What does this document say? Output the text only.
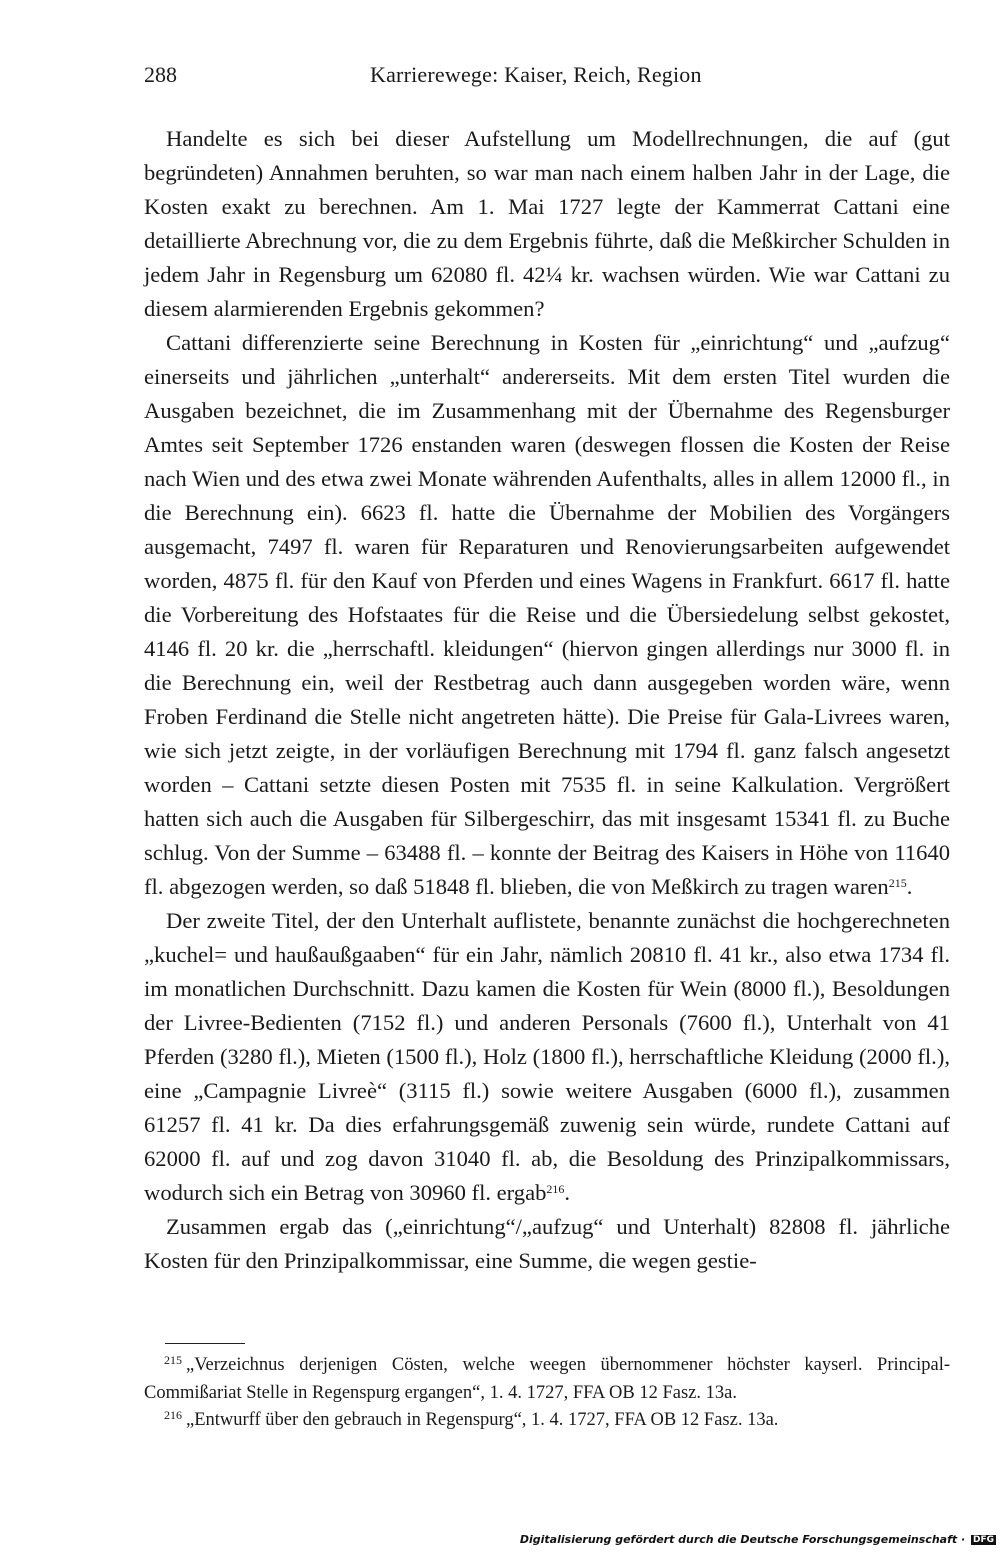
288	Karrierewege: Kaiser, Reich, Region

Handelte es sich bei dieser Aufstellung um Modellrechnungen, die auf (gut begründeten) Annahmen beruhten, so war man nach einem halben Jahr in der Lage, die Kosten exakt zu berechnen. Am 1. Mai 1727 legte der Kammerrat Cattani eine detaillierte Abrechnung vor, die zu dem Ergebnis führte, daß die Meßkircher Schulden in jedem Jahr in Regensburg um 62080 fl. 42¼ kr. wachsen würden. Wie war Cattani zu diesem alarmierenden Ergebnis gekommen?

Cattani differenzierte seine Berechnung in Kosten für „einrichtung“ und „aufzug“ einerseits und jährlichen „unterhalt“ andererseits. Mit dem ersten Titel wurden die Ausgaben bezeichnet, die im Zusammenhang mit der Übernahme des Regensburger Amtes seit September 1726 enstanden waren (deswegen flossen die Kosten der Reise nach Wien und des etwa zwei Monate währenden Aufenthalts, alles in allem 12000 fl., in die Berechnung ein). 6623 fl. hatte die Übernahme der Mobilien des Vorgängers ausgemacht, 7497 fl. waren für Reparaturen und Renovierungsarbeiten aufgewendet worden, 4875 fl. für den Kauf von Pferden und eines Wagens in Frankfurt. 6617 fl. hatte die Vorbereitung des Hofstaates für die Reise und die Übersiedelung selbst gekostet, 4146 fl. 20 kr. die „herrschaftl. kleidungen“ (hiervon gingen allerdings nur 3000 fl. in die Berechnung ein, weil der Restbetrag auch dann ausgegeben worden wäre, wenn Froben Ferdinand die Stelle nicht angetreten hätte). Die Preise für Gala-Livrees waren, wie sich jetzt zeigte, in der vorläufigen Berechnung mit 1794 fl. ganz falsch angesetzt worden – Cattani setzte diesen Posten mit 7535 fl. in seine Kalkulation. Vergrößert hatten sich auch die Ausgaben für Silbergeschirr, das mit insgesamt 15341 fl. zu Buche schlug. Von der Summe – 63488 fl. – konnte der Beitrag des Kaisers in Höhe von 11640 fl. abgezogen werden, so daß 51848 fl. blieben, die von Meßkirch zu tragen waren$^{215}$.

Der zweite Titel, der den Unterhalt auflistete, benannte zunächst die hochgerechneten „kuchel= und haußaußgaaben“ für ein Jahr, nämlich 20810 fl. 41 kr., also etwa 1734 fl. im monatlichen Durchschnitt. Dazu kamen die Kosten für Wein (8000 fl.), Besoldungen der Livree-Bedienten (7152 fl.) und anderen Personals (7600 fl.), Unterhalt von 41 Pferden (3280 fl.), Mieten (1500 fl.), Holz (1800 fl.), herrschaftliche Kleidung (2000 fl.), eine „Campagnie Livreè“ (3115 fl.) sowie weitere Ausgaben (6000 fl.), zusammen 61257 fl. 41 kr. Da dies erfahrungsgemäß zuwenig sein würde, rundete Cattani auf 62000 fl. auf und zog davon 31040 fl. ab, die Besoldung des Prinzipalkommissars, wodurch sich ein Betrag von 30960 fl. ergab$^{216}$.

Zusammen ergab das („einrichtung“/„aufzug“ und Unterhalt) 82808 fl. jährliche Kosten für den Prinzipalkommissar, eine Summe, die wegen gestie-

$^{215}$ „Verzeichnus derjenigen Cösten, welche weegen übernommener höchster kayserl. Principal-Commißariat Stelle in Regenspurg ergangen“, 1. 4. 1727, FFA OB 12 Fasz. 13a.

$^{216}$ „Entwurff über den gebrauch in Regenspurg“, 1. 4. 1727, FFA OB 12 Fasz. 13a.

Digitalisierung gefördert durch die Deutsche Forschungsgemeinschaft · DFG
